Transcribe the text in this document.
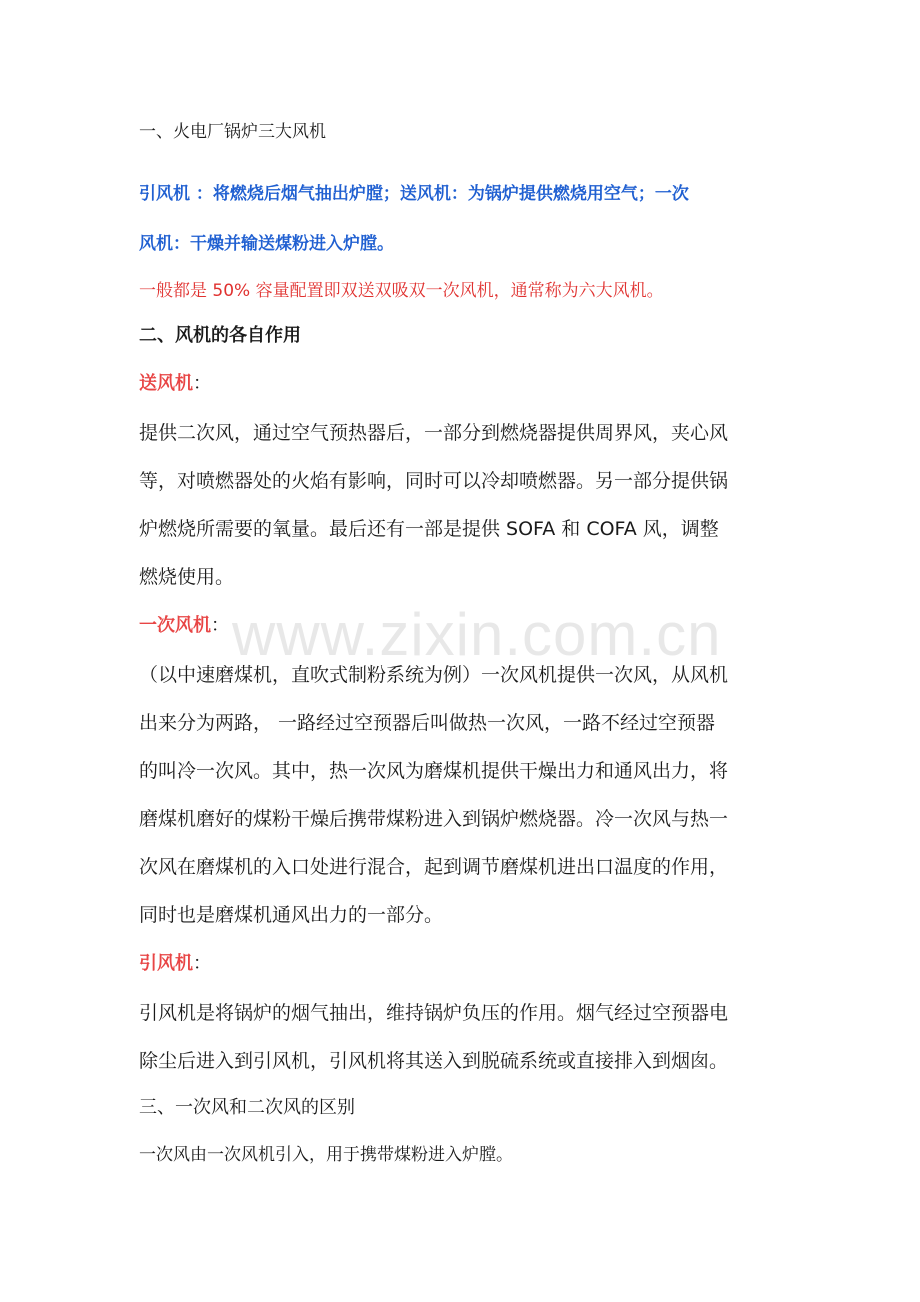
一、火电厂锅炉三大风机
引风机 ：将燃烧后烟气抽出炉膛；送风机：为锅炉提供燃烧用空气；一次
风机：干燥并输送煤粉进入炉膛。
一般都是 50% 容量配置即双送双吸双一次风机，通常称为六大风机。
二、风机的各自作用
送风机：
提供二次风，通过空气预热器后，一部分到燃烧器提供周界风，夹心风
等，对喷燃器处的火焰有影响，同时可以冷却喷燃器。另一部分提供锅
炉燃烧所需要的氧量。最后还有一部是提供 SOFA 和 COFA 风，调整
燃烧使用。
一次风机：
（以中速磨煤机，直吹式制粉系统为例）一次风机提供一次风，从风机
出来分为两路， 一路经过空预器后叫做热一次风，一路不经过空预器
的叫冷一次风。其中，热一次风为磨煤机提供干燥出力和通风出力，将
磨煤机磨好的煤粉干燥后携带煤粉进入到锅炉燃烧器。冷一次风与热一
次风在磨煤机的入口处进行混合，起到调节磨煤机进出口温度的作用，
同时也是磨煤机通风出力的一部分。
引风机：
引风机是将锅炉的烟气抽出，维持锅炉负压的作用。烟气经过空预器电
除尘后进入到引风机，引风机将其送入到脱硫系统或直接排入到烟囱。
三、一次风和二次风的区别
一次风由一次风机引入，用于携带煤粉进入炉膛。
www.zixin.com.cn
